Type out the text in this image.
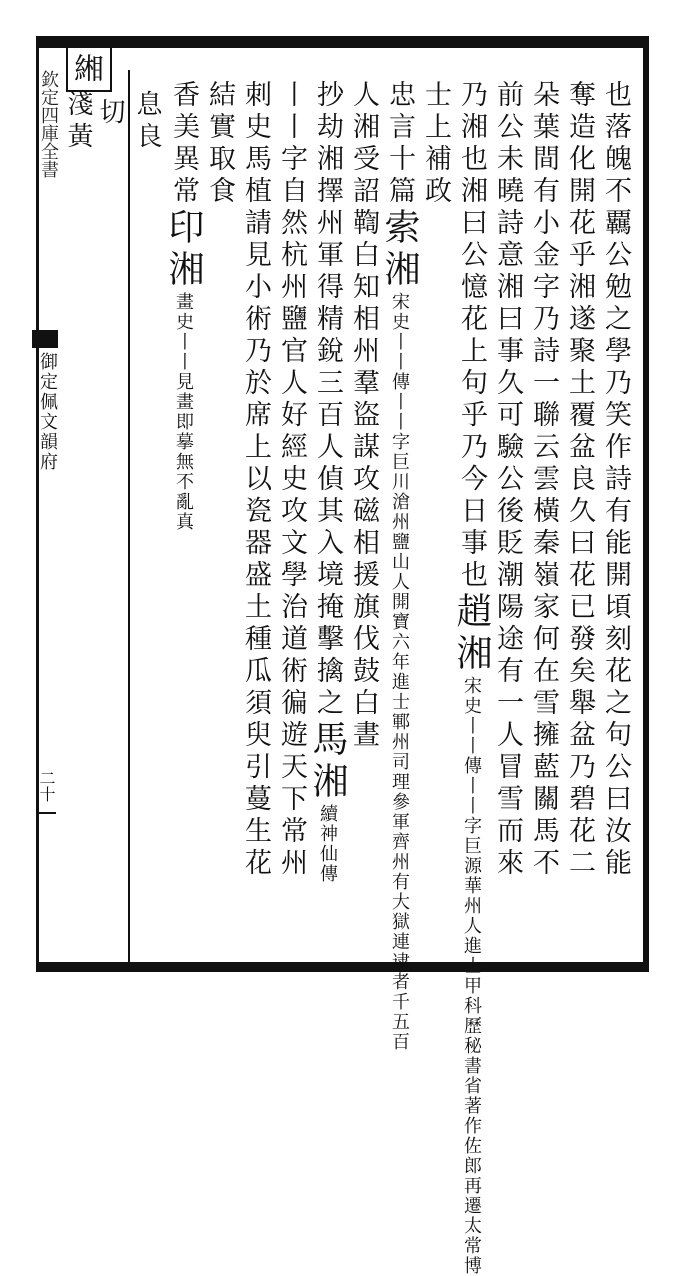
欽定四庫全書
御定佩文韻府
二十
緗
息良
切
淺黃	也落魄不覊公勉之學乃笑作詩有能開頃刻花之句公曰汝能
奪造化開花乎湘遂聚土覆盆良久曰花已發矣舉盆乃碧花二
朵葉間有小金字乃詩一聯云雲橫秦嶺家何在雪擁藍關馬不
前公未曉詩意湘曰事久可驗公後貶潮陽途有一人冒雪而來
乃湘也湘曰公憶花上句乎乃今日事也趙湘宋史丨丨傳丨丨字巨源華州人進士甲科歷秘書省著作佐郎再遷太常博
士上補政
忠言十篇索湘宋史丨丨傳丨丨字巨川滄州鹽山人開寶六年進士鄆州司理參軍齊州有大獄連逮者千五百
人湘受詔鞫白知相州羣盜謀攻磁相援旗伐鼓白晝
抄劫湘擇州軍得精銳三百人偵其入境掩擊擒之馬湘續神仙傳
丨丨字自然杭州鹽官人好經史攻文學治道術徧遊天下常州
刺史馬植請見小術乃於席上以瓷器盛土種瓜須臾引蔓生花
結實取食
香美異常印湘畫史丨丨見畫即摹無不亂真
